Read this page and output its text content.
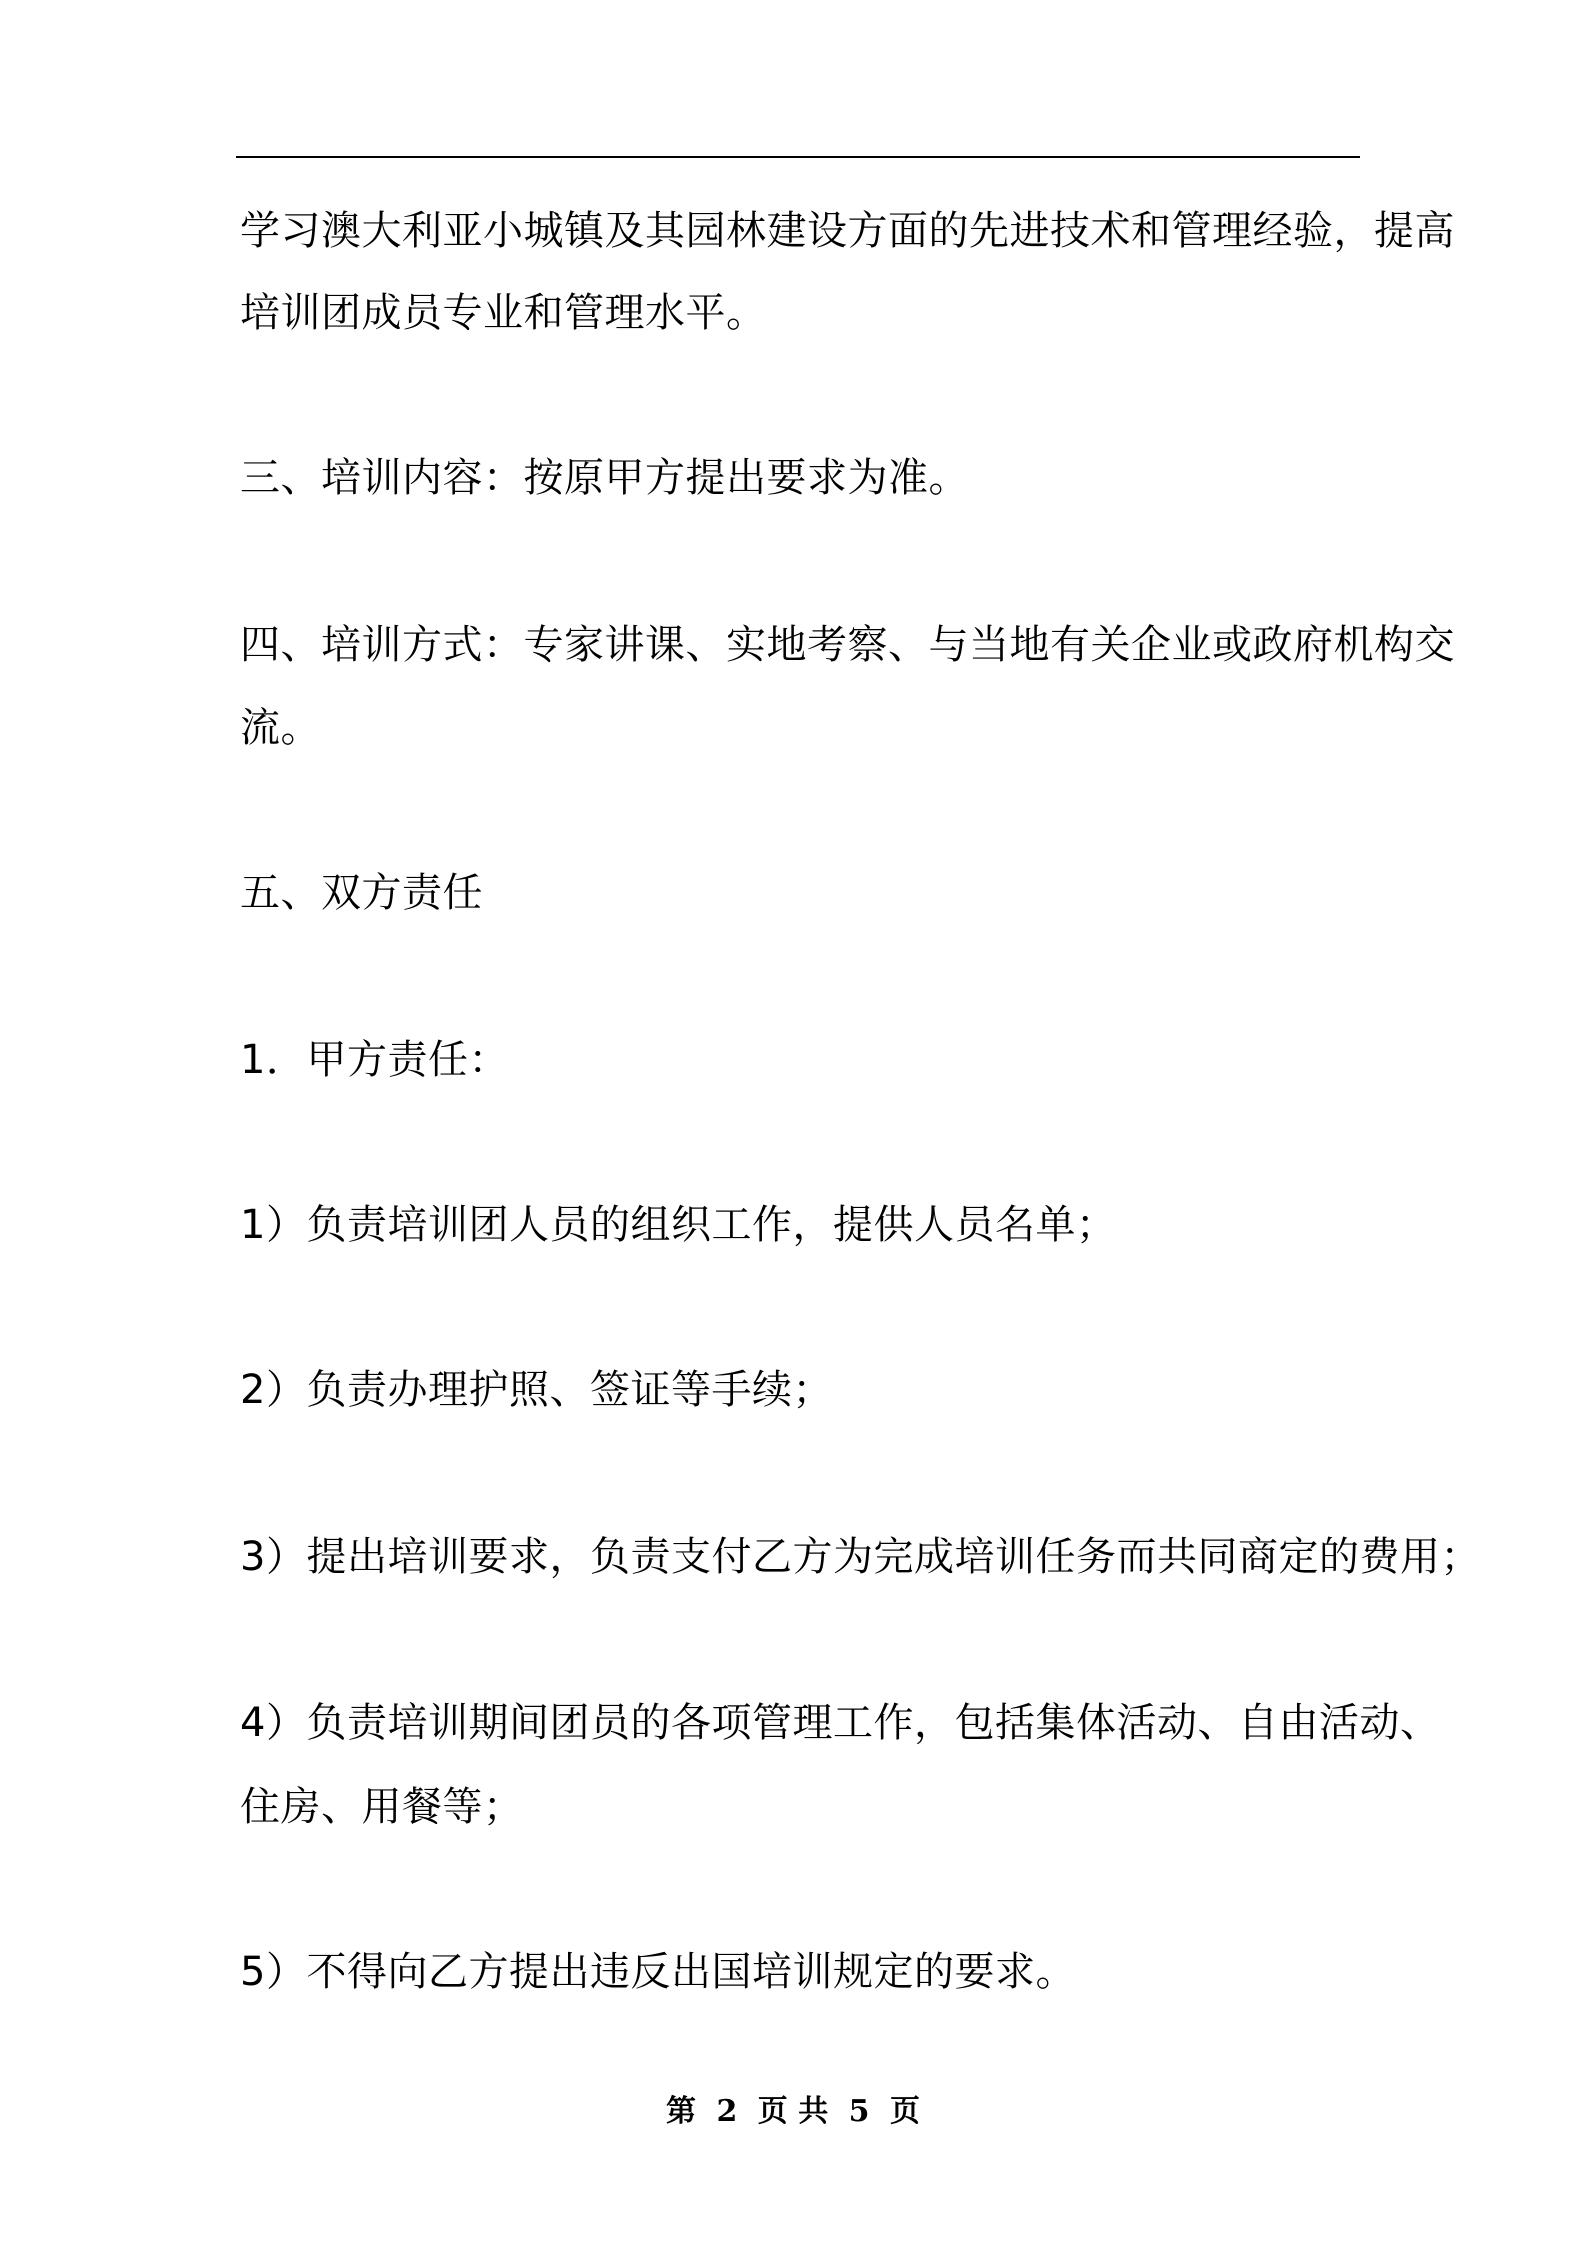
学习澳大利亚小城镇及其园林建设方面的先进技术和管理经验，提高
培训团成员专业和管理水平。
三、培训内容：按原甲方提出要求为准。
四、培训方式：专家讲课、实地考察、与当地有关企业或政府机构交
流。
五、双方责任
1．甲方责任：
1）负责培训团人员的组织工作，提供人员名单；
2）负责办理护照、签证等手续；
3）提出培训要求，负责支付乙方为完成培训任务而共同商定的费用；
4）负责培训期间团员的各项管理工作，包括集体活动、自由活动、
住房、用餐等；
5）不得向乙方提出违反出国培训规定的要求。
第 2 页 共 5 页
